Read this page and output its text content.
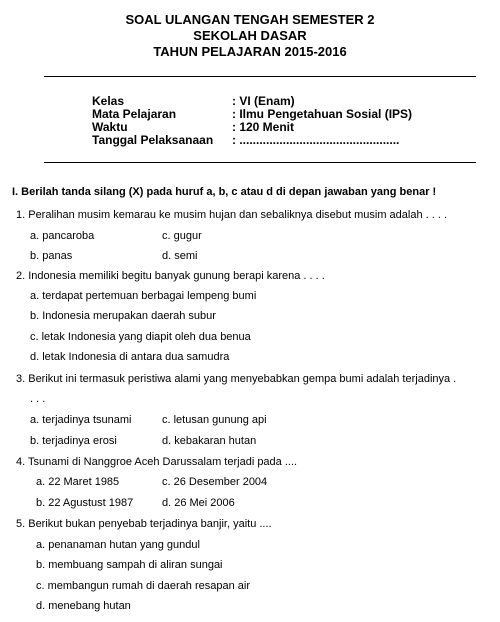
SOAL ULANGAN TENGAH SEMESTER 2
SEKOLAH DASAR
TAHUN PELAJARAN 2015-2016
Kelas	: VI (Enam)
Mata Pelajaran	: Ilmu Pengetahuan Sosial (IPS)
Waktu	: 120 Menit
Tanggal Pelaksanaan : ................................................
I. Berilah tanda silang (X) pada huruf a, b, c atau d di depan jawaban yang benar !
1. Peralihan musim kemarau ke musim hujan dan sebaliknya disebut musim adalah . . . .
a. pancaroba	c. gugur
b. panas	d. semi
2. Indonesia memiliki begitu banyak gunung berapi karena . . . .
a. terdapat pertemuan berbagai lempeng bumi
b. Indonesia merupakan daerah subur
c. letak Indonesia yang diapit oleh dua benua
d. letak Indonesia di antara dua samudra
3. Berikut ini termasuk peristiwa alami yang menyebabkan gempa bumi adalah terjadinya .
. . .
a. terjadinya tsunami	c. letusan gunung api
b. terjadinya erosi	d. kebakaran hutan
4. Tsunami di Nanggroe Aceh Darussalam terjadi pada ....
a. 22 Maret 1985	c. 26 Desember 2004
b. 22 Agustust 1987	d. 26 Mei 2006
5. Berikut bukan penyebab terjadinya banjir, yaitu ....
a. penanaman hutan yang gundul
b. membuang sampah di aliran sungai
c. membangun rumah di daerah resapan air
d. menebang hutan
